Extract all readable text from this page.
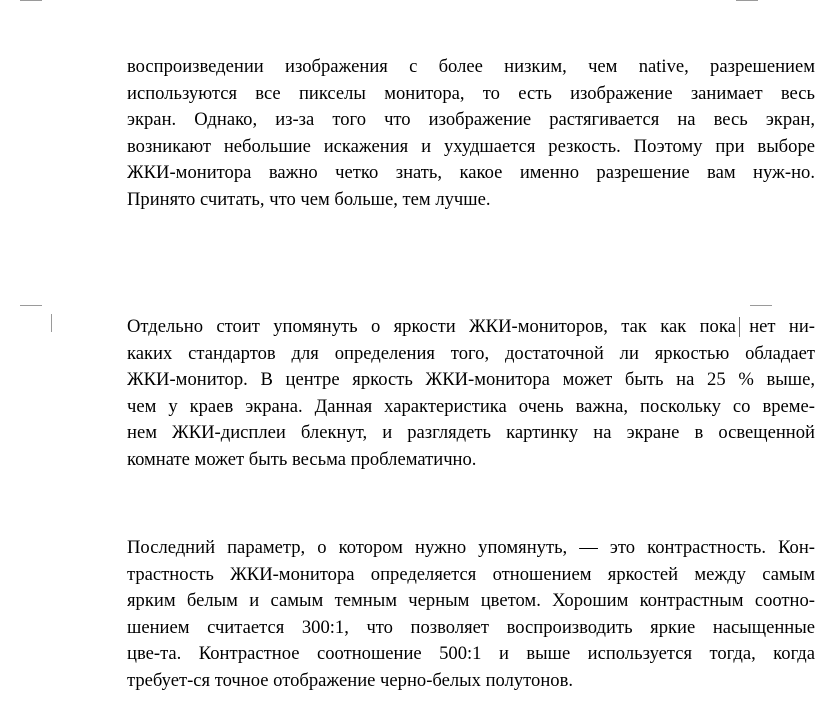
воспроизведении изображения с более низким, чем native, разрешением
используются все пикселы монитора, то есть изображение занимает весь
экран. Однако, из-за того что изображение растягивается на весь экран,
возникают небольшие искажения и ухудшается резкость. Поэтому при выборе
ЖКИ-монитора важно четко знать, какое именно разрешение вам нуж-но.
Принято считать, что чем больше, тем лучше.
Отдельно стоит упомянуть о яркости ЖКИ-мониторов, так как пока нет ни-
каких стандартов для определения того, достаточной ли яркостью обладает
ЖКИ-монитор. В центре яркость ЖКИ-монитора может быть на 25 % выше,
чем у краев экрана. Данная характеристика очень важна, поскольку со време-
нем ЖКИ-дисплеи блекнут, и разглядеть картинку на экране в освещенной
комнате может быть весьма проблематично.
Последний параметр, о котором нужно упомянуть, — это контрастность. Кон-
трастность ЖКИ-монитора определяется отношением яркостей между самым
ярким белым и самым темным черным цветом. Хорошим контрастным соотно-
шением считается 300:1, что позволяет воспроизводить яркие насыщенные
цве-та. Контрастное соотношение 500:1 и выше используется тогда, когда
требует-ся точное отображение черно-белых полутонов.
